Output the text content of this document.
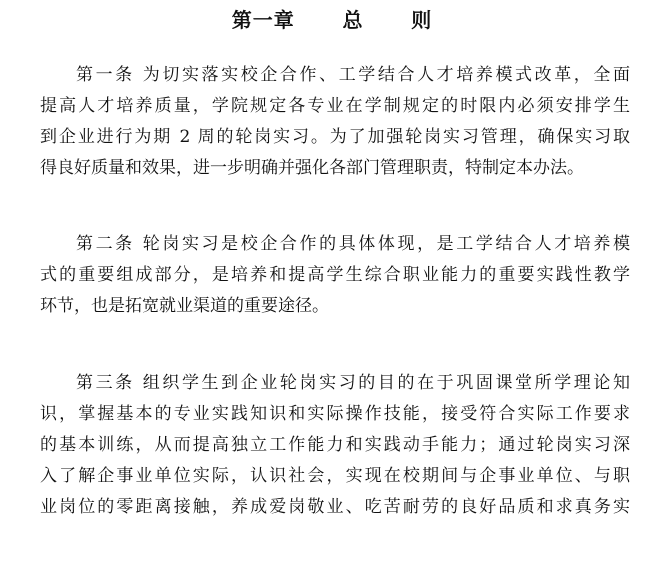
第一章      总      则
第一条 为切实落实校企合作、工学结合人才培养模式改革，全面
提高人才培养质量，学院规定各专业在学制规定的时限内必须安排学生
到企业进行为期 2 周的轮岗实习。为了加强轮岗实习管理，确保实习取
得良好质量和效果，进一步明确并强化各部门管理职责，特制定本办法。
第二条 轮岗实习是校企合作的具体体现，是工学结合人才培养模
式的重要组成部分，是培养和提高学生综合职业能力的重要实践性教学
环节，也是拓宽就业渠道的重要途径。
第三条 组织学生到企业轮岗实习的目的在于巩固课堂所学理论知
识，掌握基本的专业实践知识和实际操作技能，接受符合实际工作要求
的基本训练，从而提高独立工作能力和实践动手能力；通过轮岗实习深
入了解企事业单位实际，认识社会，实现在校期间与企事业单位、与职
业岗位的零距离接触，养成爱岗敬业、吃苦耐劳的良好品质和求真务实
